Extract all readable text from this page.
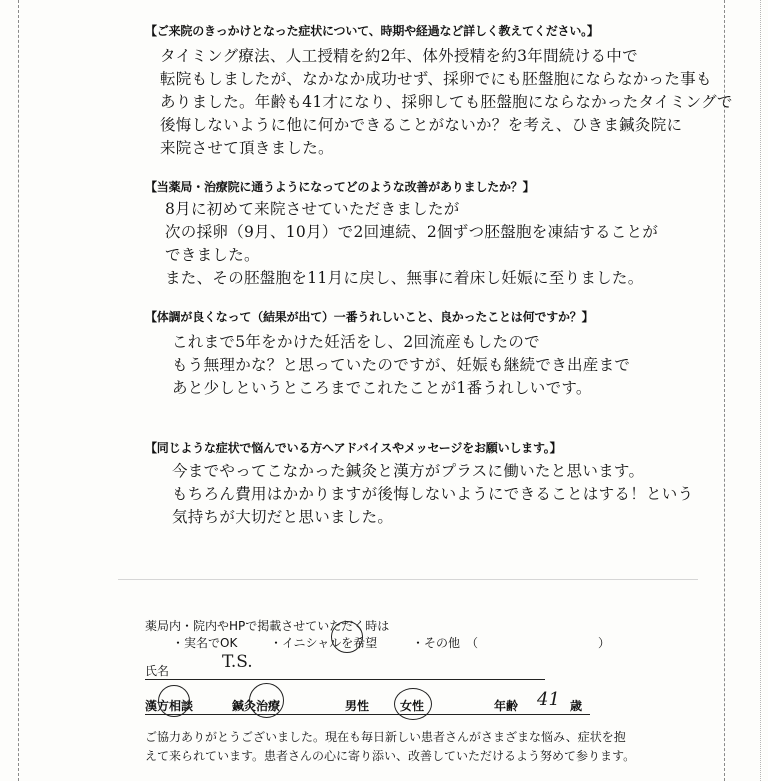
【ご来院のきっかけとなった症状について、時期や経過など詳しく教えてください。】
タイミング療法、人工授精を約2年、体外授精を約3年間続ける中で
転院もしましたが、なかなか成功せず、採卵でにも胚盤胞にならなかった事も
ありました。年齢も41才になり、採卵しても胚盤胞にならなかったタイミングで
後悔しないように他に何かできることがないか？を考え、ひきま鍼灸院に
来院させて頂きました。
【当薬局・治療院に通うようになってどのような改善がありましたか？】
8月に初めて来院させていただきましたが
次の採卵（9月、10月）で2回連続、2個ずつ胚盤胞を凍結することが
できました。
また、その胚盤胞を11月に戻し、無事に着床し妊娠に至りました。
【体調が良くなって（結果が出て）一番うれしいこと、良かったことは何ですか？】
これまで5年をかけた妊活をし、2回流産もしたので
もう無理かな？と思っていたのですが、妊娠も継続でき出産まで
あと少しというところまでこれたことが1番うれしいです。
【同じような症状で悩んでいる方へアドバイスやメッセージをお願いします。】
今までやってこなかった鍼灸と漢方がプラスに働いたと思います。
もちろん費用はかかりますが後悔しないようにできることはする！という
気持ちが大切だと思いました。
薬局内・院内やHPで掲載させていただく時は
・実名でOK	・イニシャルを希望	・その他　（　　　　　　　　　　）
氏名	T.S.
漢方相談	鍼灸治療	男性	女性	年齢 41 歳
ご協力ありがとうございました。現在も毎日新しい患者さんがさまざまな悩み、症状を抱
えて来られています。患者さんの心に寄り添い、改善していただけるよう努めて参ります。
